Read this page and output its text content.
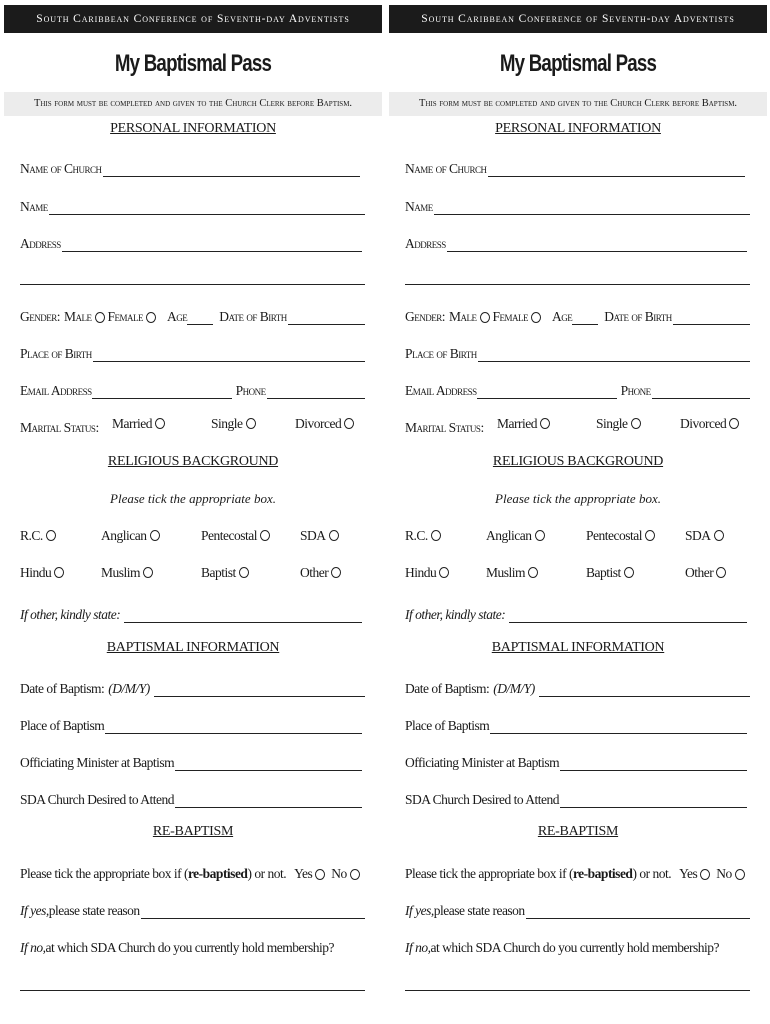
South Caribbean Conference of Seventh-day Adventists
My Baptismal Pass
This form must be completed and given to the Church Clerk before Baptism.
PERSONAL INFORMATION
Name of Church
Name
Address
Gender: Male Female Age Date of Birth
Place of Birth
Email Address	Phone
Marital Status: Married	Single	Divorced
RELIGIOUS BACKGROUND
Please tick the appropriate box.
R.C.	Anglican	Pentecostal	SDA
Hindu	Muslim	Baptist	Other
If other, kindly state:
BAPTISMAL INFORMATION
Date of Baptism: (D/M/Y)
Place of Baptism
Officiating Minister at Baptism
SDA Church Desired to Attend
RE-BAPTISM
Please tick the appropriate box if ( re-baptised ) or not. Yes No
If yes, please state reason
If no, at which SDA Church do you currently hold membership?
South Caribbean Conference of Seventh-day Adventists
My Baptismal Pass
This form must be completed and given to the Church Clerk before Baptism.
PERSONAL INFORMATION
Name of Church
Name
Address
Gender: Male Female Age Date of Birth
Place of Birth
Email Address	Phone
Marital Status: Married	Single	Divorced
RELIGIOUS BACKGROUND
Please tick the appropriate box.
R.C.	Anglican	Pentecostal	SDA
Hindu	Muslim	Baptist	Other
If other, kindly state:
BAPTISMAL INFORMATION
Date of Baptism: (D/M/Y)
Place of Baptism
Officiating Minister at Baptism
SDA Church Desired to Attend
RE-BAPTISM
Please tick the appropriate box if ( re-baptised ) or not. Yes No
If yes, please state reason
If no, at which SDA Church do you currently hold membership?
